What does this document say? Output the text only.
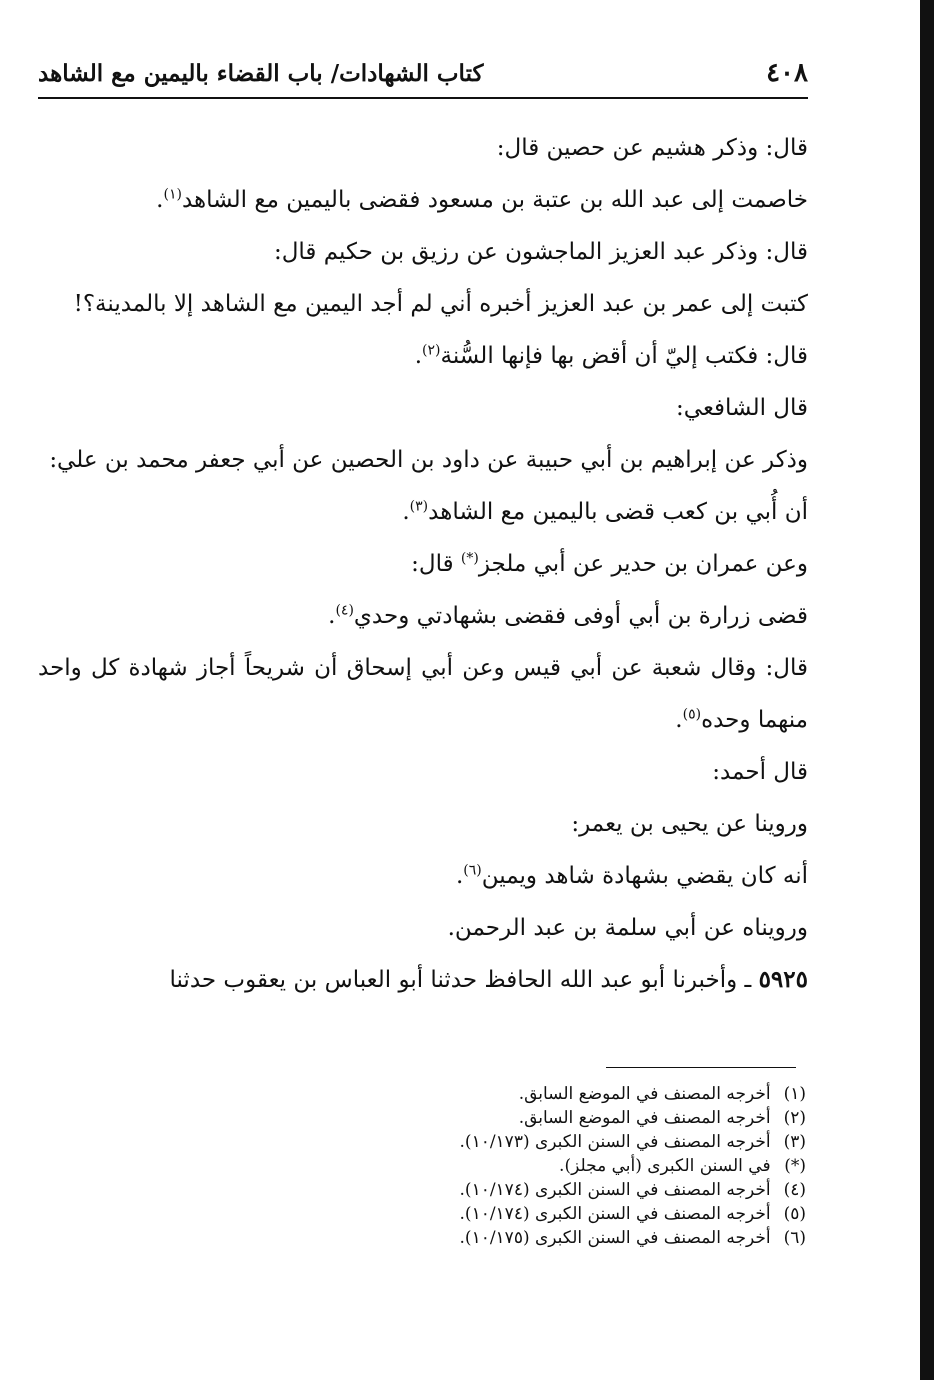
٤٠٨
كتاب الشهادات/ باب القضاء باليمين مع الشاهد

قال: وذكر هشيم عن حصين قال:

خاصمت إلى عبد الله بن عتبة بن مسعود فقضى باليمين مع الشاهد$^{(١)}$.

قال: وذكر عبد العزيز الماجشون عن رزيق بن حكيم قال:

كتبت إلى عمر بن عبد العزيز أخبره أني لم أجد اليمين مع الشاهد إلا بالمدينة؟!

قال: فكتب إليّ أن أقض بها فإنها السُّنة$^{(٢)}$.

قال الشافعي:

وذكر عن إبراهيم بن أبي حبيبة عن داود بن الحصين عن أبي جعفر محمد بن علي:

أن أُبي بن كعب قضى باليمين مع الشاهد$^{(٣)}$.

وعن عمران بن حدير عن أبي ملجز(*) قال:

قضى زرارة بن أبي أوفى فقضى بشهادتي وحدي$^{(٤)}$.

قال: وقال شعبة عن أبي قيس وعن أبي إسحاق أن شريحاً أجاز شهادة كل واحد منهما وحده$^{(٥)}$.

قال أحمد:

وروينا عن يحيى بن يعمر:

أنه كان يقضي بشهادة شاهد ويمين$^{(٦)}$.

ورويناه عن أبي سلمة بن عبد الرحمن.

٥٩٢٥ ـ وأخبرنا أبو عبد الله الحافظ حدثنا أبو العباس بن يعقوب حدثنا

(١) أخرجه المصنف في الموضع السابق.

(٢) أخرجه المصنف في الموضع السابق.

(٣) أخرجه المصنف في السنن الكبرى (١٠/١٧٣).

(*) في السنن الكبرى (أبي مجلز).

(٤) أخرجه المصنف في السنن الكبرى (١٠/١٧٤).

(٥) أخرجه المصنف في السنن الكبرى (١٠/١٧٤).

(٦) أخرجه المصنف في السنن الكبرى (١٠/١٧٥).
